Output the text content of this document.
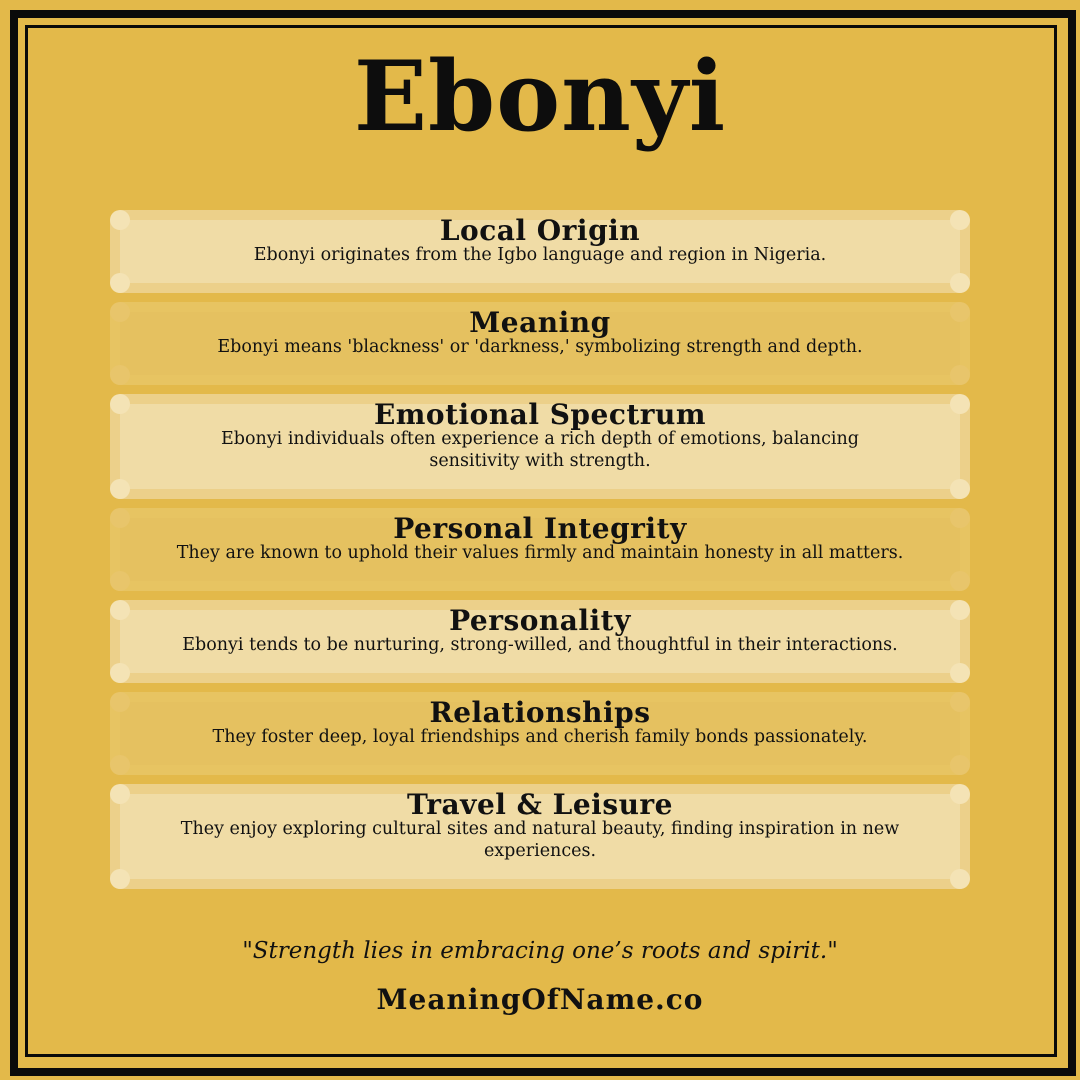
Ebonyi
Local Origin

Ebonyi originates from the Igbo language and region in Nigeria.

Meaning

Ebonyi means 'blackness' or 'darkness,' symbolizing strength and depth.

Emotional Spectrum

Ebonyi individuals often experience a rich depth of emotions, balancing sensitivity with strength.

Personal Integrity

They are known to uphold their values firmly and maintain honesty in all matters.

Personality

Ebonyi tends to be nurturing, strong-willed, and thoughtful in their interactions.

Relationships

They foster deep, loyal friendships and cherish family bonds passionately.

Travel & Leisure

They enjoy exploring cultural sites and natural beauty, finding inspiration in new experiences.

"Strength lies in embracing one’s roots and spirit."
MeaningOfName.co
